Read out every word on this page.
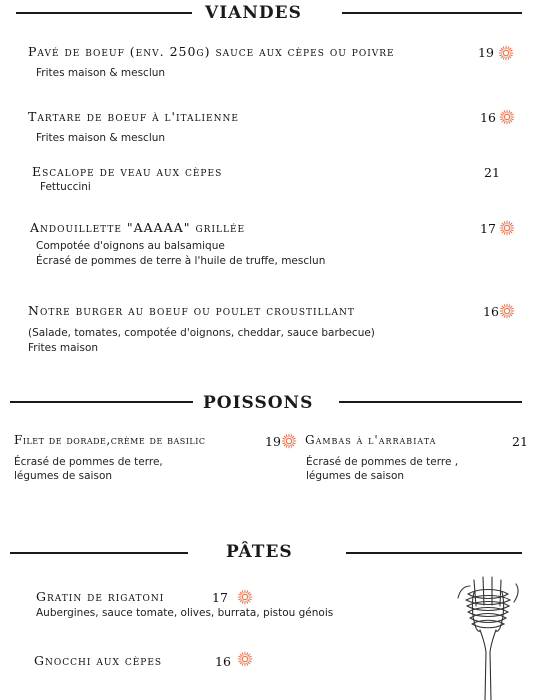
VIANDES
Pavé de boeuf (env. 250g) sauce aux cèpes ou poivre	19
Frites maison & mesclun
Tartare de boeuf à l'italienne	16
Frites maison & mesclun
Escalope de veau aux cèpes	21
Fettuccini
Andouillette "AAAAA" grillée	17
Compotée d'oignons au balsamique
Écrasé de pommes de terre à l'huile de truffe, mesclun
Notre burger au boeuf ou poulet croustillant	16
(Salade, tomates, compotée d'oignons, cheddar, sauce barbecue)
Frites maison
POISSONS
Filet de dorade,crème de basilic	19
Écrasé de pommes de terre,
légumes de saison
Gambas à l'arrabiata	21
Écrasé de pommes de terre ,
légumes de saison
PÂTES
Gratin de rigatoni	17
Aubergines, sauce tomate, olives, burrata, pistou génois
Gnocchi aux cèpes	16
